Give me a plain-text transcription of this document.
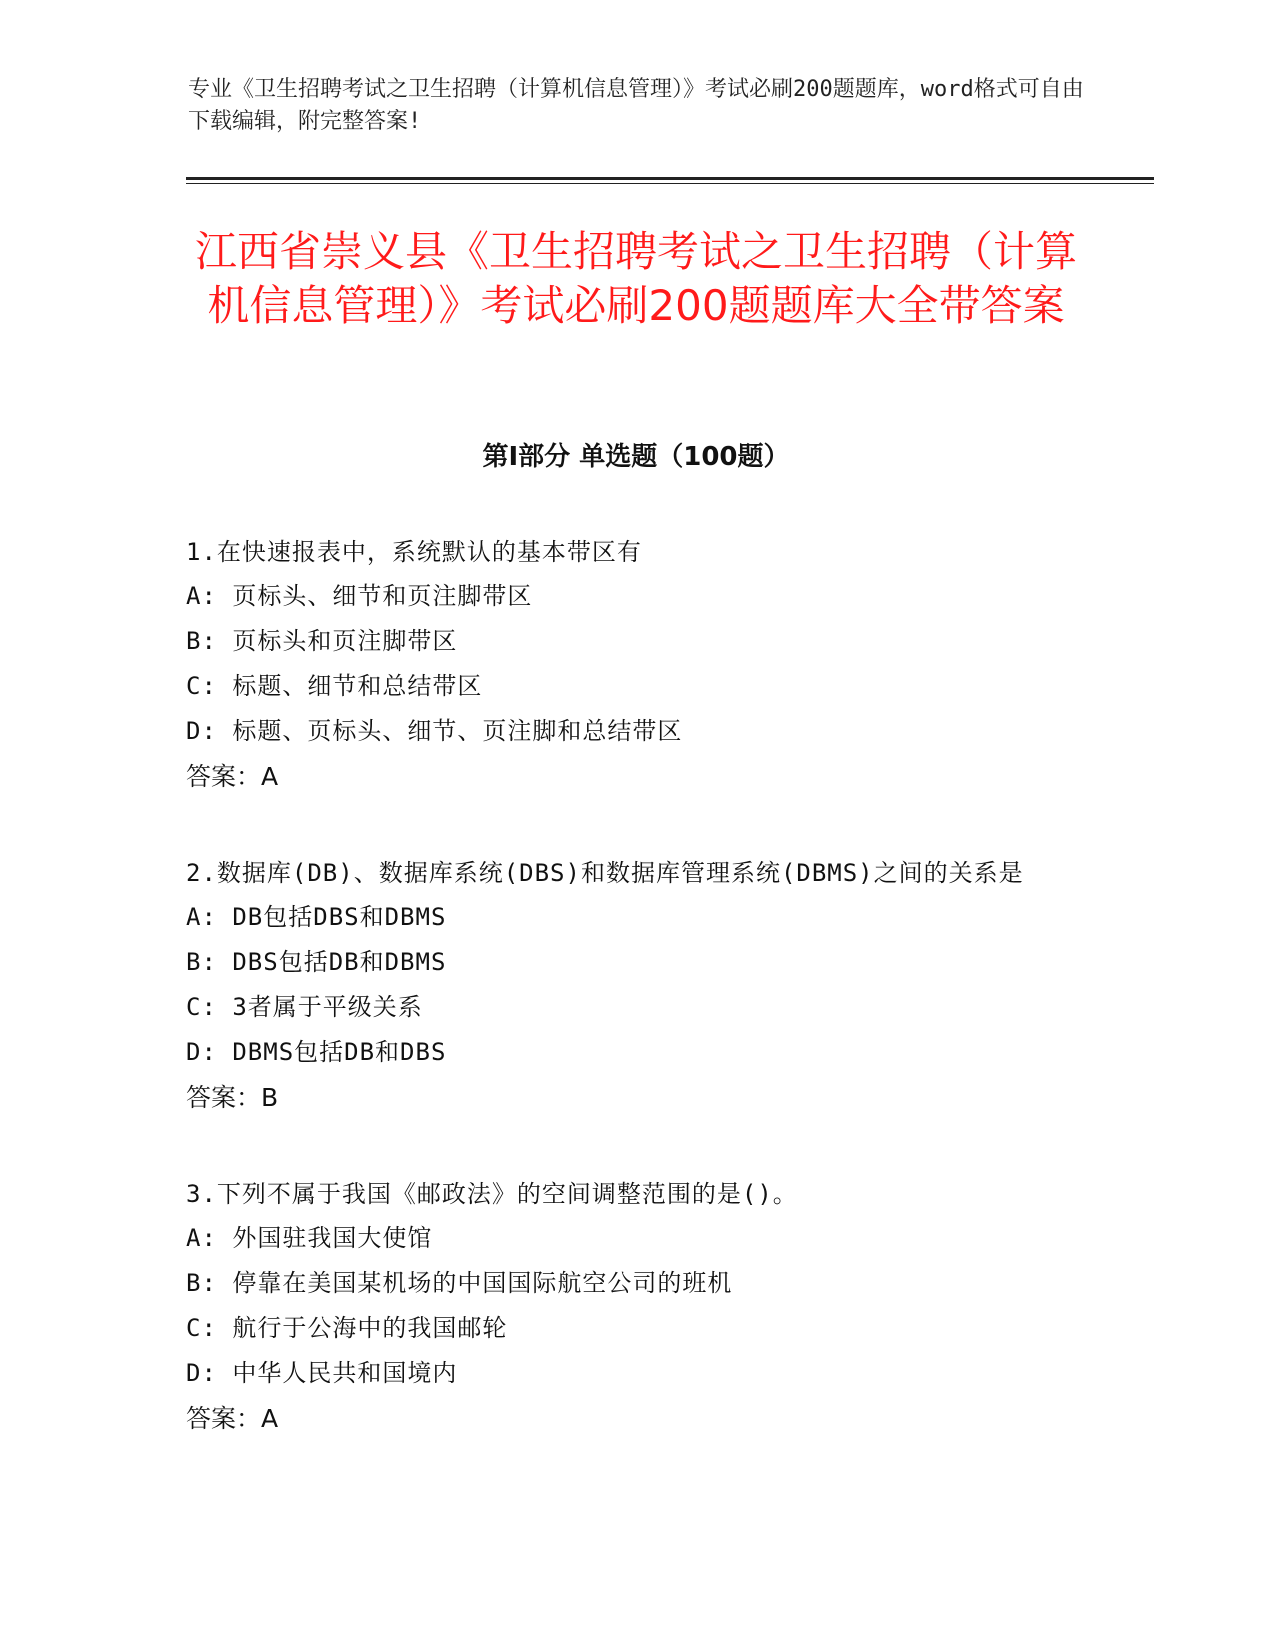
专业《卫生招聘考试之卫生招聘（计算机信息管理）》考试必刷200题题库，word格式可自由下载编辑，附完整答案!
江西省崇义县《卫生招聘考试之卫生招聘（计算机信息管理）》考试必刷200题题库大全带答案
第Ⅰ部分 单选题（100题）

1.在快速报表中，系统默认的基本带区有

A: 页标头、细节和页注脚带区

B: 页标头和页注脚带区

C: 标题、细节和总结带区

D: 标题、页标头、细节、页注脚和总结带区

答案：A

2.数据库(DB)、数据库系统(DBS)和数据库管理系统(DBMS)之间的关系是

A: DB包括DBS和DBMS

B: DBS包括DB和DBMS

C: 3者属于平级关系

D: DBMS包括DB和DBS

答案：B

3.下列不属于我国《邮政法》的空间调整范围的是()。

A: 外国驻我国大使馆

B: 停靠在美国某机场的中国国际航空公司的班机

C: 航行于公海中的我国邮轮

D: 中华人民共和国境内

答案：A
